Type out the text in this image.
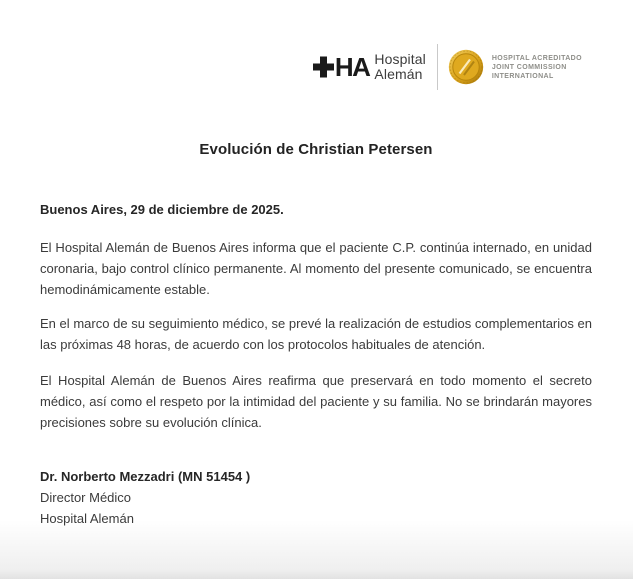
HA Hospital
Alemán
HOSPITAL ACREDITADO
JOINT COMMISSION
INTERNATIONAL
Evolución de Christian Petersen
Buenos Aires, 29 de diciembre de 2025.

El Hospital Alemán de Buenos Aires informa que el paciente C.P. continúa internado, en unidad coronaria, bajo control clínico permanente. Al momento del presente comunicado, se encuentra hemodinámicamente estable.

En el marco de su seguimiento médico, se prevé la realización de estudios complementarios en las próximas 48 horas, de acuerdo con los protocolos habituales de atención.

El Hospital Alemán de Buenos Aires reafirma que preservará en todo momento el secreto médico, así como el respeto por la intimidad del paciente y su familia. No se brindarán mayores precisiones sobre su evolución clínica.

Dr. Norberto Mezzadri (MN 51454 )
Director Médico
Hospital Alemán
